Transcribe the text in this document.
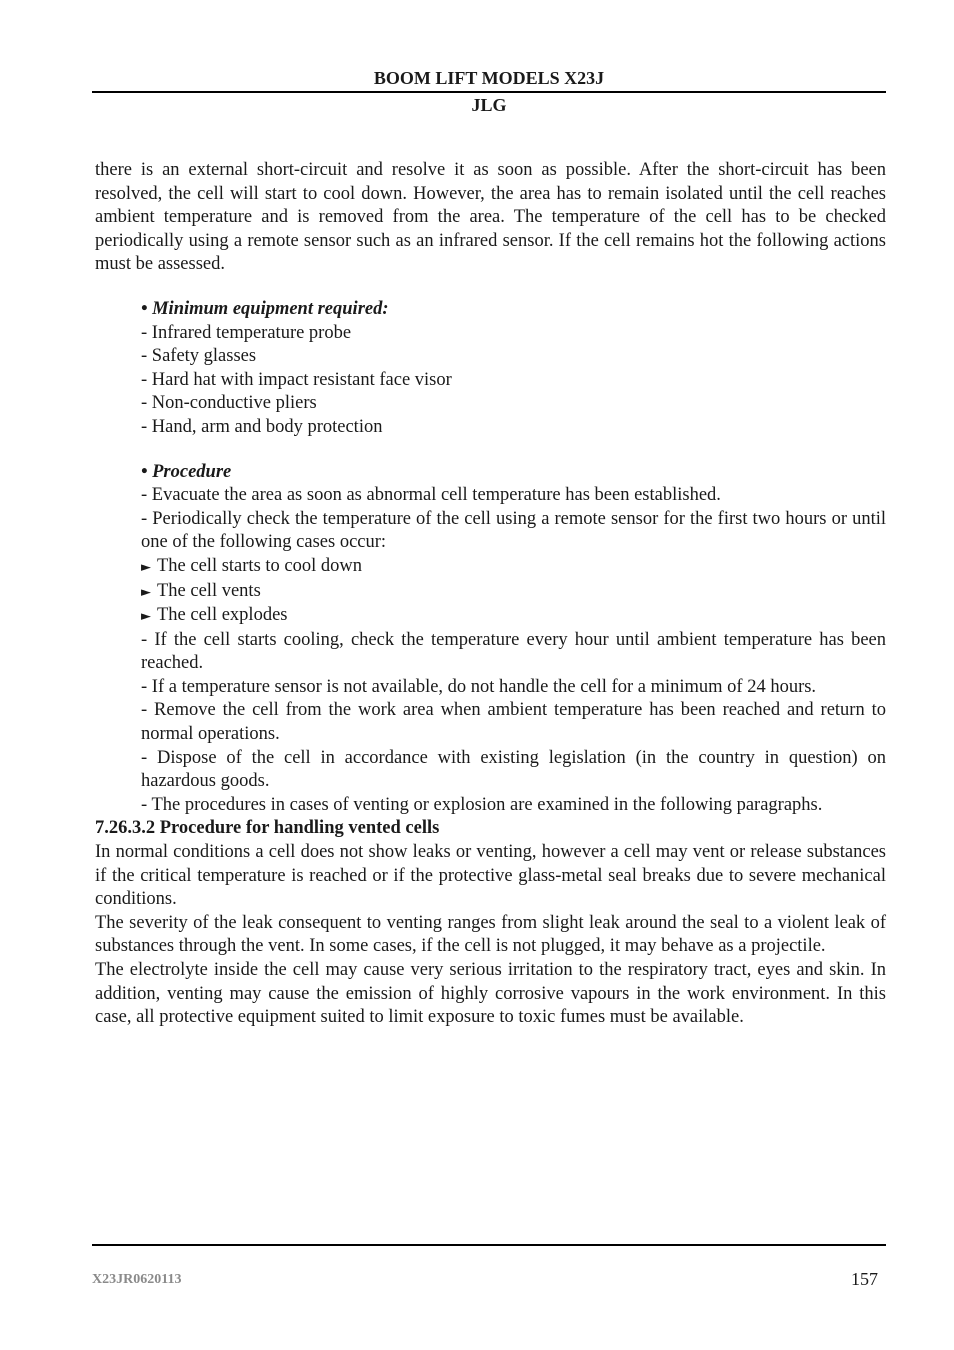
BOOM LIFT MODELS X23J
JLG

there is an external short-circuit and resolve it as soon as possible. After the short-circuit has been resolved, the cell will start to cool down. However, the area has to remain isolated until the cell reaches ambient temperature and is removed from the area. The temperature of the cell has to be checked periodically using a remote sensor such as an infrared sensor. If the cell remains hot the following actions must be assessed.

• Minimum equipment required:

- Infrared temperature probe

- Safety glasses

- Hard hat with impact resistant face visor

- Non-conductive pliers

- Hand, arm and body protection

• Procedure

- Evacuate the area as soon as abnormal cell temperature has been established.

- Periodically check the temperature of the cell using a remote sensor for the first two hours or until one of the following cases occur:

► The cell starts to cool down

► The cell vents

► The cell explodes

- If the cell starts cooling, check the temperature every hour until ambient temperature has been reached.

- If a temperature sensor is not available, do not handle the cell for a minimum of 24 hours.

- Remove the cell from the work area when ambient temperature has been reached and return to normal operations.

- Dispose of the cell in accordance with existing legislation (in the country in question) on hazardous goods.

- The procedures in cases of venting or explosion are examined in the following paragraphs.

7.26.3.2 Procedure for handling vented cells

In normal conditions a cell does not show leaks or venting, however a cell may vent or release substances if the critical temperature is reached or if the protective glass-metal seal breaks due to severe mechanical conditions.

The severity of the leak consequent to venting ranges from slight leak around the seal to a violent leak of substances through the vent. In some cases, if the cell is not plugged, it may behave as a projectile.

The electrolyte inside the cell may cause very serious irritation to the respiratory tract, eyes and skin. In addition, venting may cause the emission of highly corrosive vapours in the work environment. In this case, all protective equipment suited to limit exposure to toxic fumes must be available.

X23JR0620113	157
